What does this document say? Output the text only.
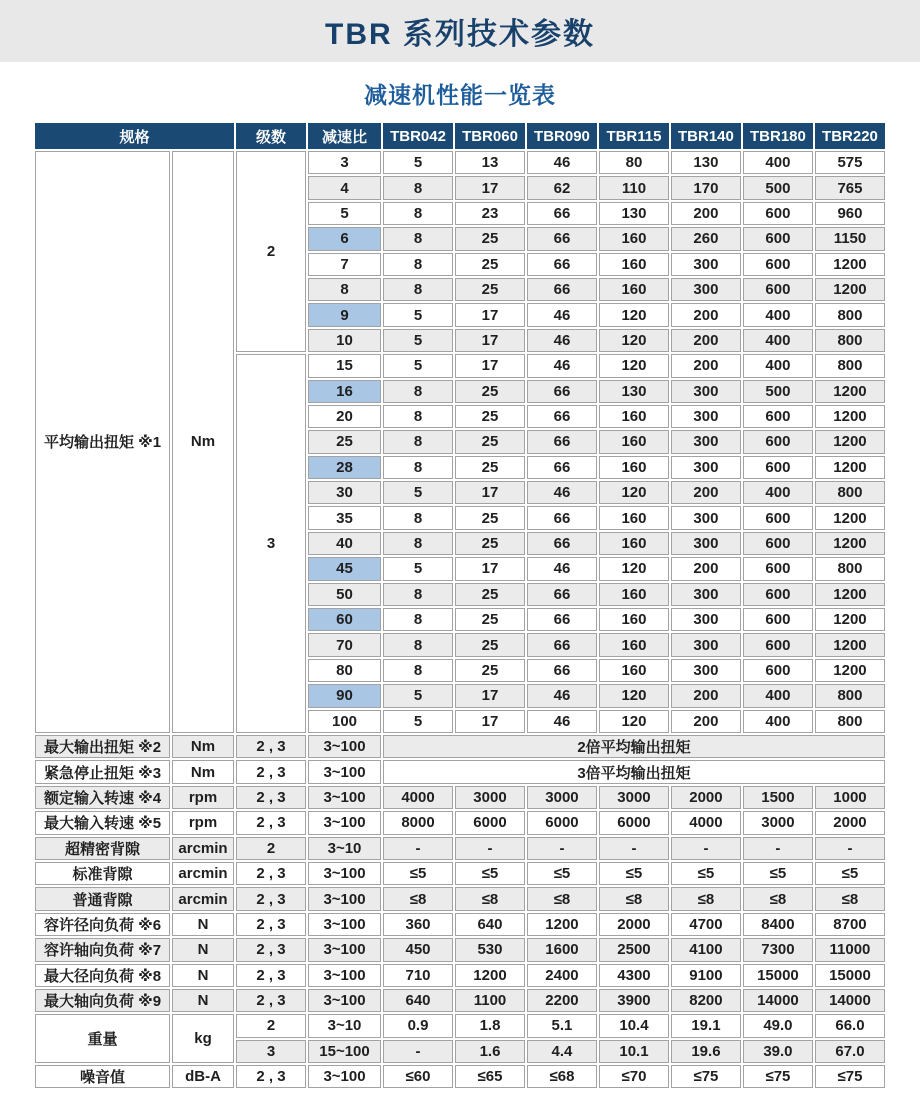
TBR 系列技术参数
减速机性能一览表
规格		级数	减速比	TBR042	TBR060	TBR090	TBR115	TBR140	TBR180	TBR220
平均输出扭矩 ※1	Nm	2	3	5	13	46	80	130	400	575
			4	8	17	62	110	170	500	765
			5	8	23	66	130	200	600	960
			6	8	25	66	160	260	600	1150
			7	8	25	66	160	300	600	1200
			8	8	25	66	160	300	600	1200
			9	5	17	46	120	200	400	800
			10	5	17	46	120	200	400	800
		3	15	5	17	46	120	200	400	800
			16	8	25	66	130	300	500	1200
			20	8	25	66	160	300	600	1200
			25	8	25	66	160	300	600	1200
			28	8	25	66	160	300	600	1200
			30	5	17	46	120	200	400	800
			35	8	25	66	160	300	600	1200
			40	8	25	66	160	300	600	1200
			45	5	17	46	120	200	600	800
			50	8	25	66	160	300	600	1200
			60	8	25	66	160	300	600	1200
			70	8	25	66	160	300	600	1200
			80	8	25	66	160	300	600	1200
			90	5	17	46	120	200	400	800
			100	5	17	46	120	200	400	800
最大输出扭矩 ※2	Nm	2 , 3	3~100	2倍平均输出扭矩						
紧急停止扭矩 ※3	Nm	2 , 3	3~100	3倍平均输出扭矩						
额定输入转速 ※4	rpm	2 , 3	3~100	4000	3000	3000	3000	2000	1500	1000
最大输入转速 ※5	rpm	2 , 3	3~100	8000	6000	6000	6000	4000	3000	2000
超精密背隙	arcmin	2	3~10	-	-	-	-	-	-	-
标准背隙	arcmin	2 , 3	3~100	≤5	≤5	≤5	≤5	≤5	≤5	≤5
普通背隙	arcmin	2 , 3	3~100	≤8	≤8	≤8	≤8	≤8	≤8	≤8
容许径向负荷 ※6	N	2 , 3	3~100	360	640	1200	2000	4700	8400	8700
容许轴向负荷 ※7	N	2 , 3	3~100	450	530	1600	2500	4100	7300	11000
最大径向负荷 ※8	N	2 , 3	3~100	710	1200	2400	4300	9100	15000	15000
最大轴向负荷 ※9	N	2 , 3	3~100	640	1100	2200	3900	8200	14000	14000
重量	kg	2	3~10	0.9	1.8	5.1	10.4	19.1	49.0	66.0
		3	15~100	-	1.6	4.4	10.1	19.6	39.0	67.0
噪音值	dB-A	2 , 3	3~100	≤60	≤65	≤68	≤70	≤75	≤75	≤75
